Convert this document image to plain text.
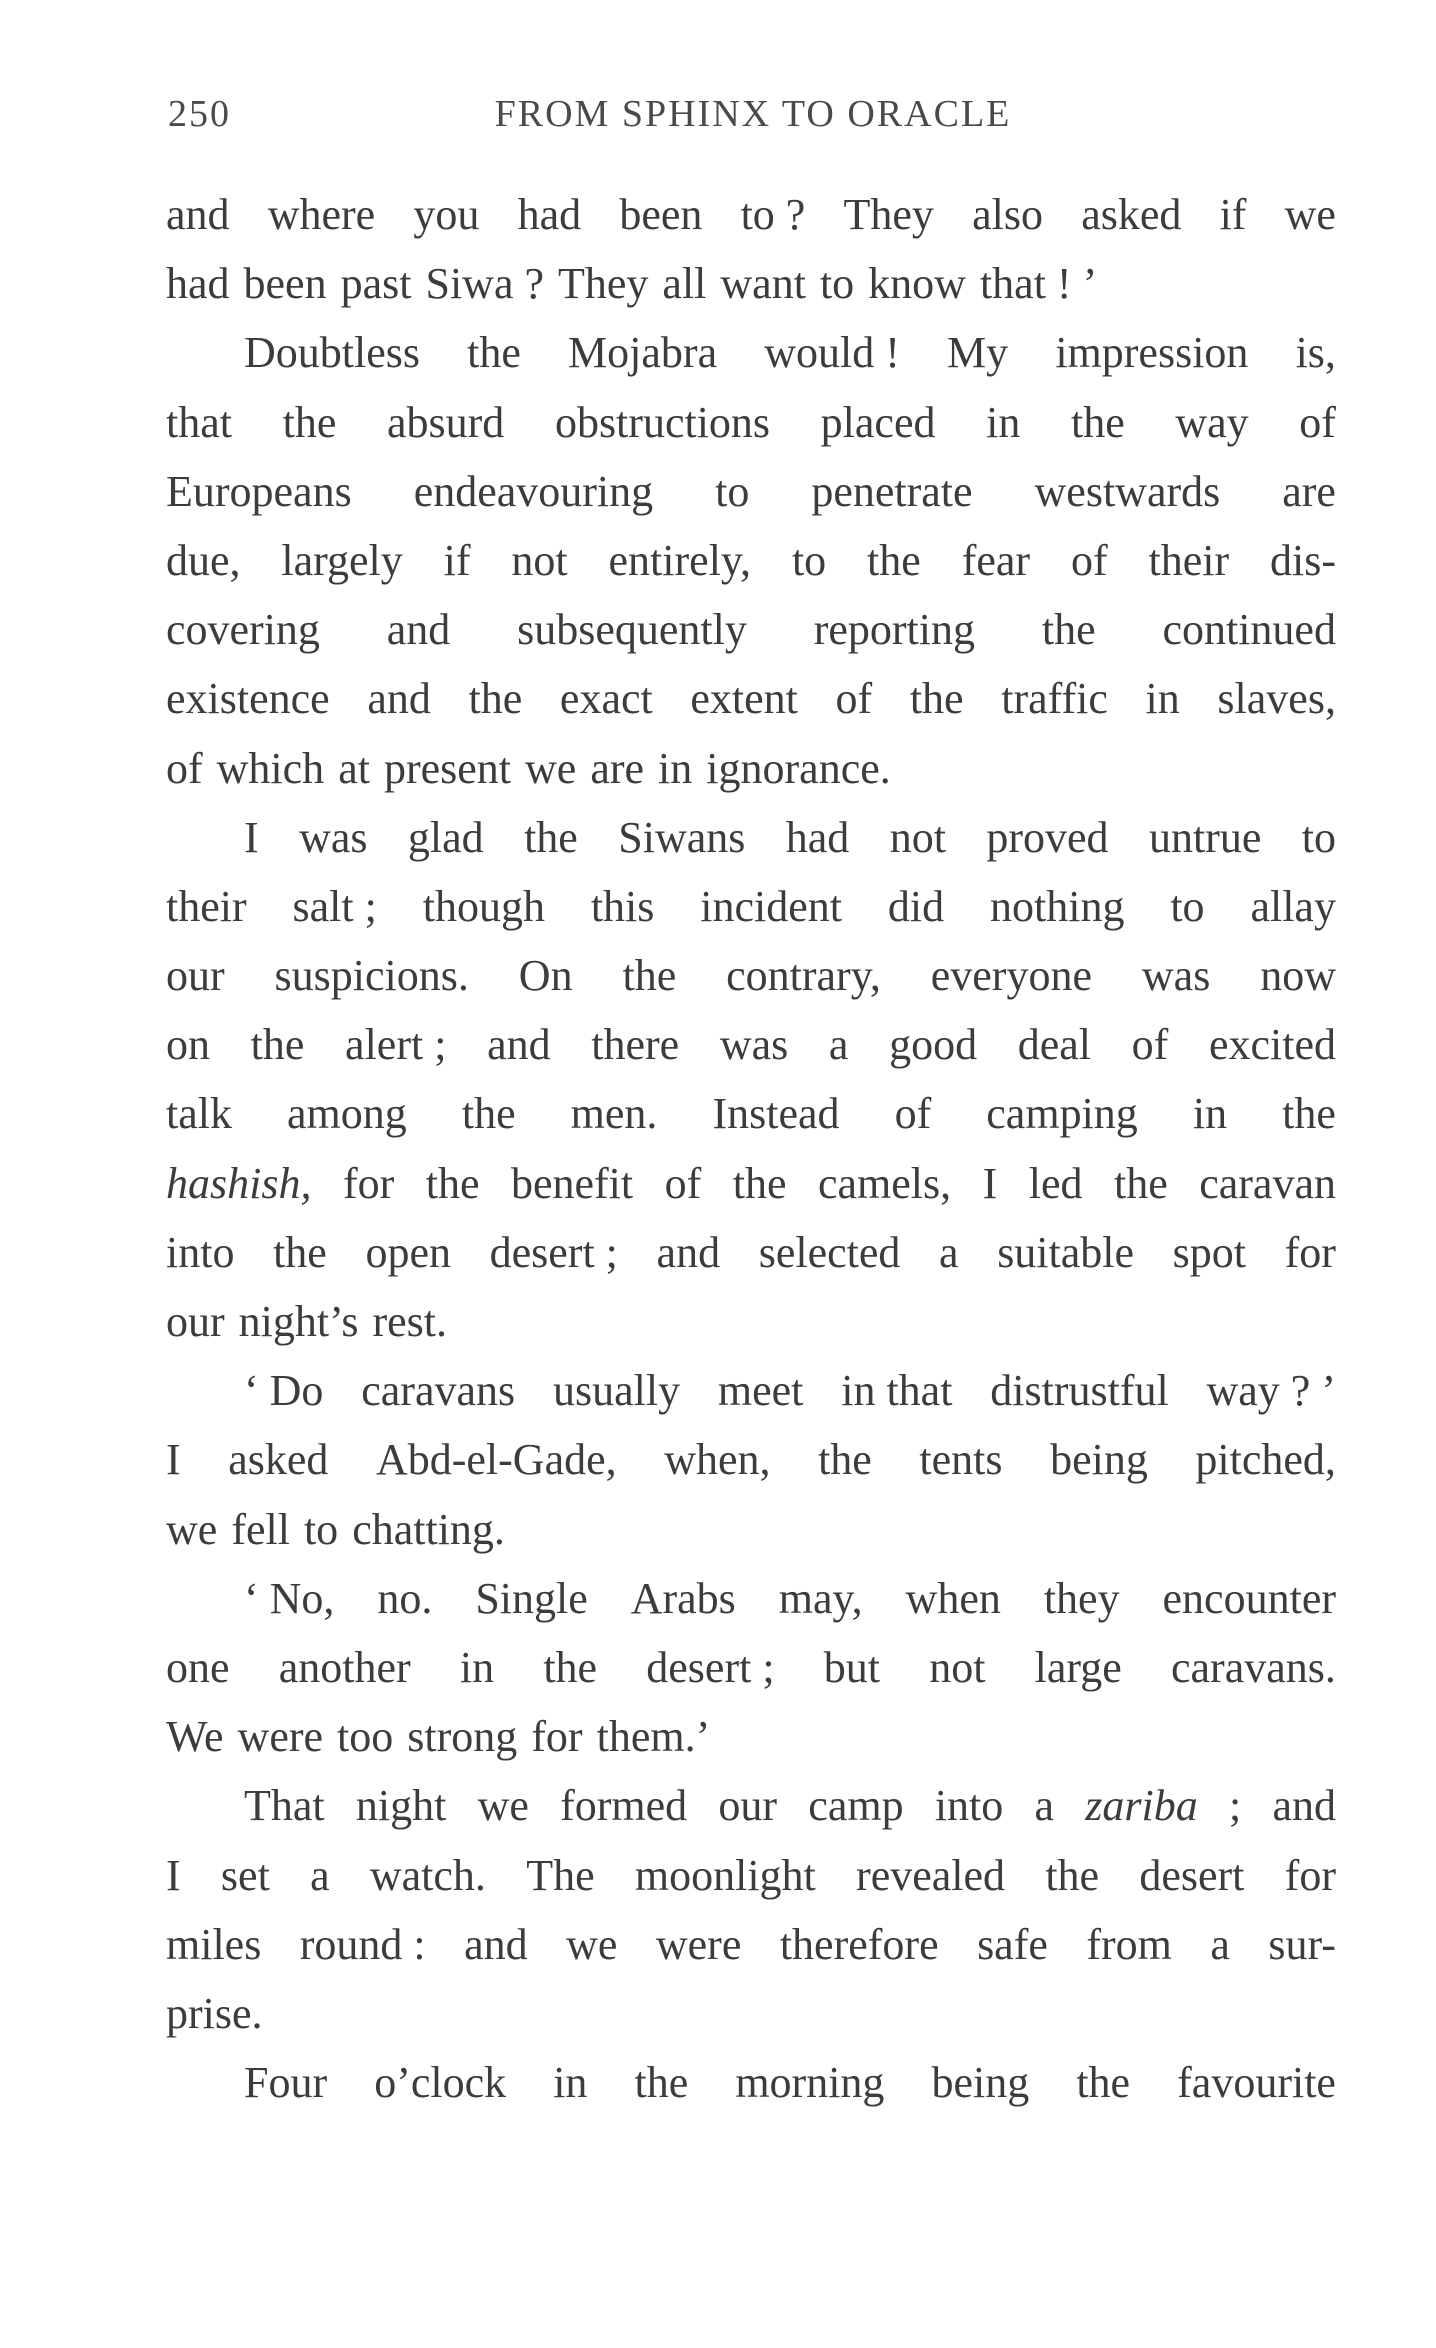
250	FROM SPHINX TO ORACLE
and where you had been to ? They also asked if we
had been past Siwa ? They all want to know that ! ’
Doubtless the Mojabra would ! My impression is,
that the absurd obstructions placed in the way of
Europeans endeavouring to penetrate westwards are
due, largely if not entirely, to the fear of their dis-
covering and subsequently reporting the continued
existence and the exact extent of the traffic in slaves,
of which at present we are in ignorance.
I was glad the Siwans had not proved untrue to
their salt ; though this incident did nothing to allay
our suspicions. On the contrary, everyone was now
on the alert ; and there was a good deal of excited
talk among the men. Instead of camping in the
hashish, for the benefit of the camels, I led the caravan
into the open desert ; and selected a suitable spot for
our night’s rest.
‘ Do caravans usually meet in that distrustful way ? ’
I asked Abd-el-Gade, when, the tents being pitched,
we fell to chatting.
‘ No, no. Single Arabs may, when they encounter
one another in the desert ; but not large caravans.
We were too strong for them.’
That night we formed our camp into a zariba ; and
I set a watch. The moonlight revealed the desert for
miles round : and we were therefore safe from a sur-
prise.
Four o’clock in the morning being the favourite
